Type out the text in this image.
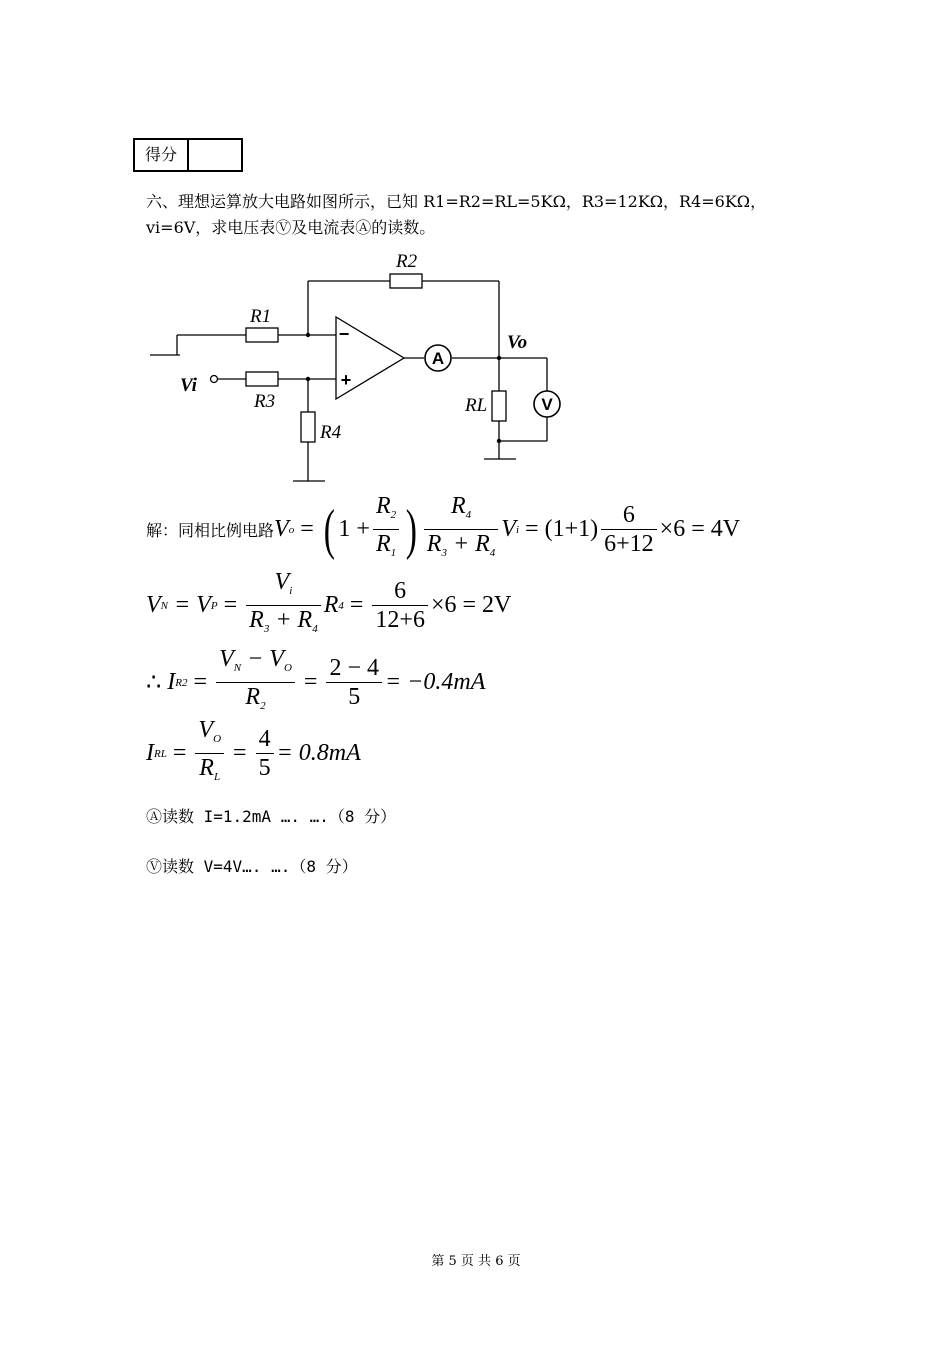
得分
六、理想运算放大电路如图所示，已知 R1=R2=RL=5KΩ，R3=12KΩ，R4=6KΩ，
vi=6V，求电压表Ⓥ及电流表Ⓐ的读数。
R2
R1
R3
R4
RL
Vi
Vo
A
V
−
+
解：同相比例电路 V o = ( $1 + \frac{R_2}{R_1}$ ) $\frac{R_4}{R_3 + R_4}$ V $i = (1+1) \frac{6}{6+12} \times 6 = 4V$
V N
= V $P = \frac{V_i}{R_3 + R_4}$ R $4 = \frac{6}{12+6} \times 6 = 2V$
∴
I $R2 = \frac{V_N - V_O}{R_2} = \frac{2 - 4}{5} = -0.4mA$
I RL = $\frac{V_O}{R_L} = \frac{4}{5} = 0.8mA$
Ⓐ读数 I=1.2mA …. ….（8 分）
Ⓥ读数 V=4V…. ….（8 分）
第 5 页 共 6 页
